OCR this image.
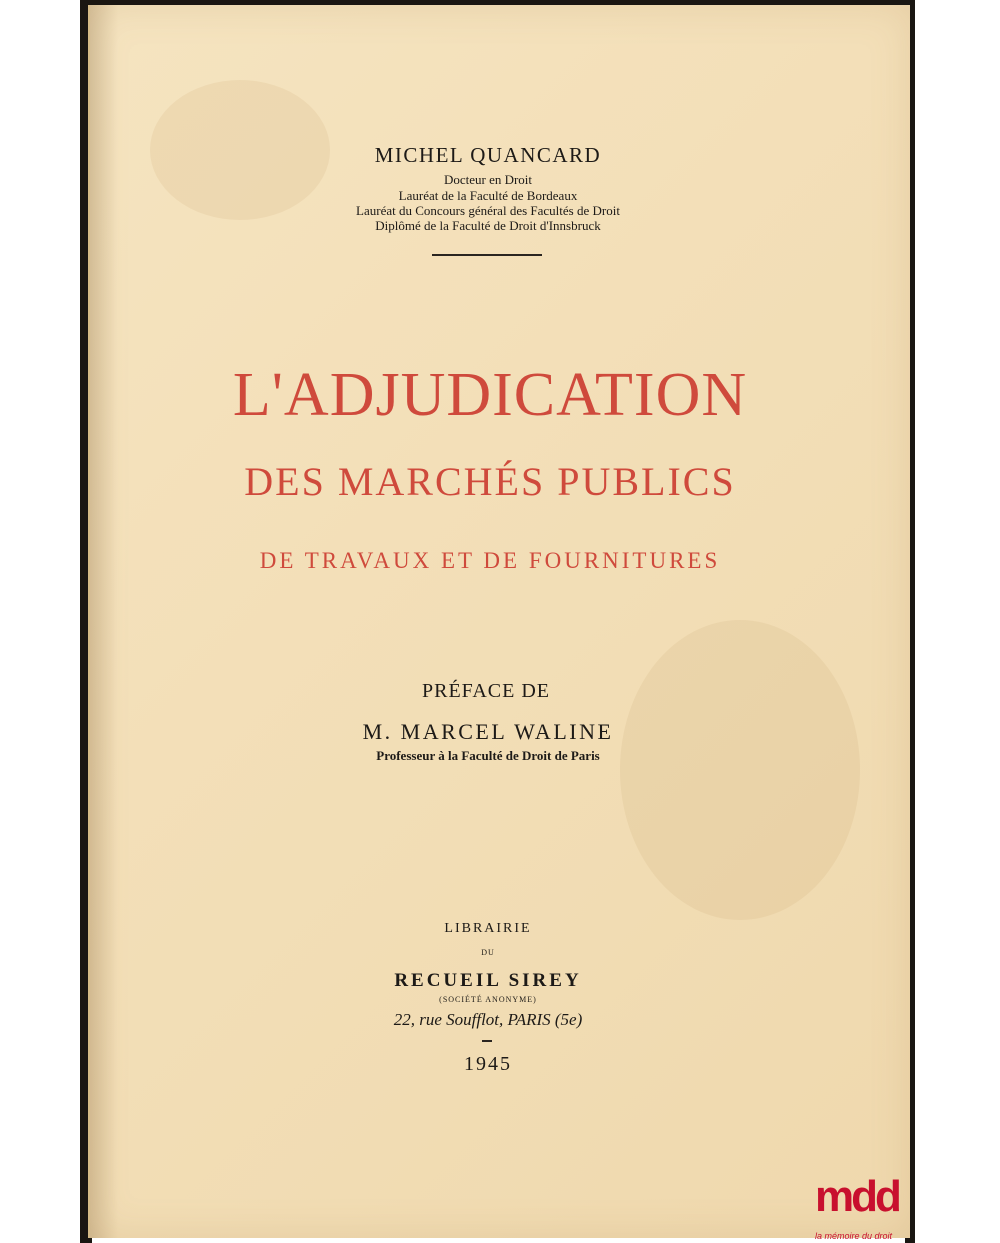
MICHEL QUANCARD
Docteur en Droit
Lauréat de la Faculté de Bordeaux
Lauréat du Concours général des Facultés de Droit
Diplômé de la Faculté de Droit d'Innsbruck
L'ADJUDICATION
DES MARCHÉS PUBLICS
DE TRAVAUX ET DE FOURNITURES
PRÉFACE DE
M. MARCEL WALINE
Professeur à la Faculté de Droit de Paris
LIBRAIRIE
DU
RECUEIL SIREY
(SOCIÉTÉ ANONYME)
22, rue Soufflot, PARIS (5e)
1945
mdd
la mémoire du droit
